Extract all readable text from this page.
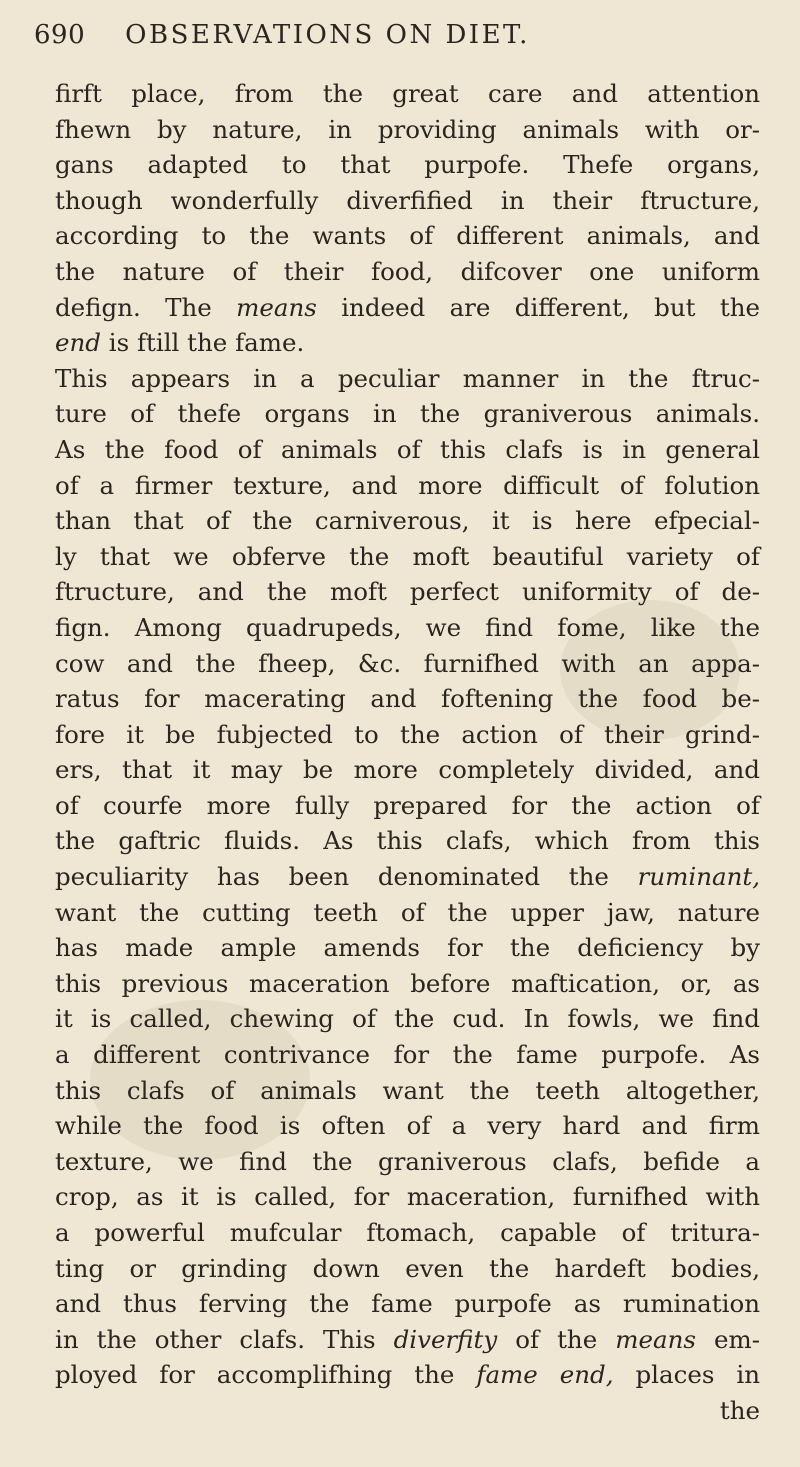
690 OBSERVATIONS ON DIET.
firft place, from the great care and attention
fhewn by nature, in providing animals with or-
gans adapted to that purpofe. Thefe organs,
though wonderfully diverfified in their ftructure,
according to the wants of different animals, and
the nature of their food, difcover one uniform
defign. The means indeed are different, but the
end is ftill the fame.
This appears in a peculiar manner in the ftruc-
ture of thefe organs in the graniverous animals.
As the food of animals of this clafs is in general
of a firmer texture, and more difficult of folution
than that of the carniverous, it is here efpecial-
ly that we obferve the moft beautiful variety of
ftructure, and the moft perfect uniformity of de-
fign. Among quadrupeds, we find fome, like the
cow and the fheep, &c. furnifhed with an appa-
ratus for macerating and foftening the food be-
fore it be fubjected to the action of their grind-
ers, that it may be more completely divided, and
of courfe more fully prepared for the action of
the gaftric fluids. As this clafs, which from this
peculiarity has been denominated the ruminant,
want the cutting teeth of the upper jaw, nature
has made ample amends for the deficiency by
this previous maceration before maftication, or, as
it is called, chewing of the cud. In fowls, we find
a different contrivance for the fame purpofe. As
this clafs of animals want the teeth altogether,
while the food is often of a very hard and firm
texture, we find the graniverous clafs, befide a
crop, as it is called, for maceration, furnifhed with
a powerful mufcular ftomach, capable of tritura-
ting or grinding down even the hardeft bodies,
and thus ferving the fame purpofe as rumination
in the other clafs. This diverfity of the means em-
ployed for accomplifhing the fame end, places in
the
